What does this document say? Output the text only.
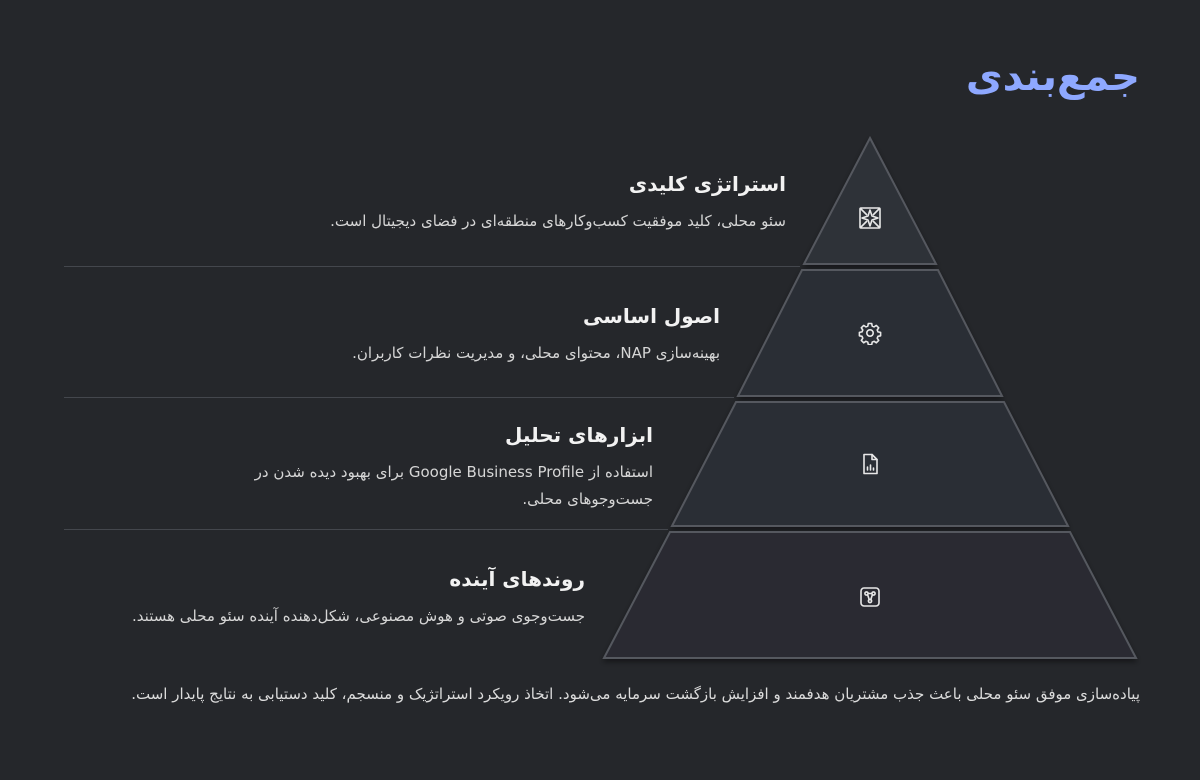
جمع‌بندی
استراتژی کلیدی

سئو محلی، کلید موفقیت کسب‌وکارهای منطقه‌ای در فضای دیجیتال است.

اصول اساسی

بهینه‌سازی NAP، محتوای محلی، و مدیریت نظرات کاربران.

ابزارهای تحلیل

استفاده از Google Business Profile برای بهبود دیده شدن در جست‌وجوهای محلی.

روندهای آینده

جست‌وجوی صوتی و هوش مصنوعی، شکل‌دهنده آینده سئو محلی هستند.

پیاده‌سازی موفق سئو محلی باعث جذب مشتریان هدفمند و افزایش بازگشت سرمایه می‌شود. اتخاذ رویکرد استراتژیک و منسجم، کلید دستیابی به نتایج پایدار است.
